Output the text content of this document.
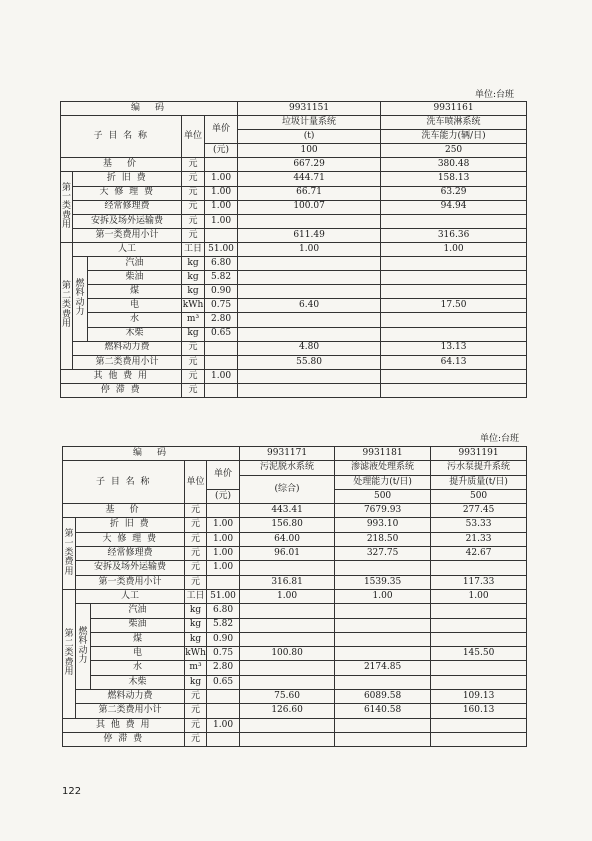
单位:台班
编　码					9931151	9931161
子 目 名 称			单位	单价	垃圾计量系统	洗车喷淋系统
					(t)	洗车能力(辆/日)
				(元)	100	250
基　价			元		667.29	380.48
第一类费用	折 旧 费		元	1.00	444.71	158.13
	大 修 理 费		元	1.00	66.71	63.29
	经常修理费		元	1.00	100.07	94.94
	安拆及场外运输费		元	1.00		
	第一类费用小计		元		611.49	316.36
第二类费用	人工		工日	51.00	1.00	1.00
	燃料动力	汽油	kg	6.80		
		柴油	kg	5.82		
		煤	kg	0.90		
		电	kWh	0.75	6.40	17.50
		水	m³	2.80		
		木柴	kg	0.65		
	燃料动力费		元		4.80	13.13
	第二类费用小计		元		55.80	64.13
其 他 费 用			元	1.00		
停 滞 费			元			
单位:台班
编　码					9931171	9931181	9931191
子 目 名 称			单位	单价	污泥脱水系统	渗滤液处理系统	污水泵提升系统
					(综合)	处理能力(t/日)	提升质量(t/日)
				(元)		500	500
基　价			元		443.41	7679.93	277.45
第一类费用	折 旧 费		元	1.00	156.80	993.10	53.33
	大 修 理 费		元	1.00	64.00	218.50	21.33
	经常修理费		元	1.00	96.01	327.75	42.67
	安拆及场外运输费		元	1.00			
	第一类费用小计		元		316.81	1539.35	117.33
第二类费用	人工		工日	51.00	1.00	1.00	1.00
	燃料动力	汽油	kg	6.80			
		柴油	kg	5.82			
		煤	kg	0.90			
		电	kWh	0.75	100.80		145.50
		水	m³	2.80		2174.85	
		木柴	kg	0.65			
	燃料动力费		元		75.60	6089.58	109.13
	第二类费用小计		元		126.60	6140.58	160.13
其 他 费 用			元	1.00			
停 滞 费			元				
122
